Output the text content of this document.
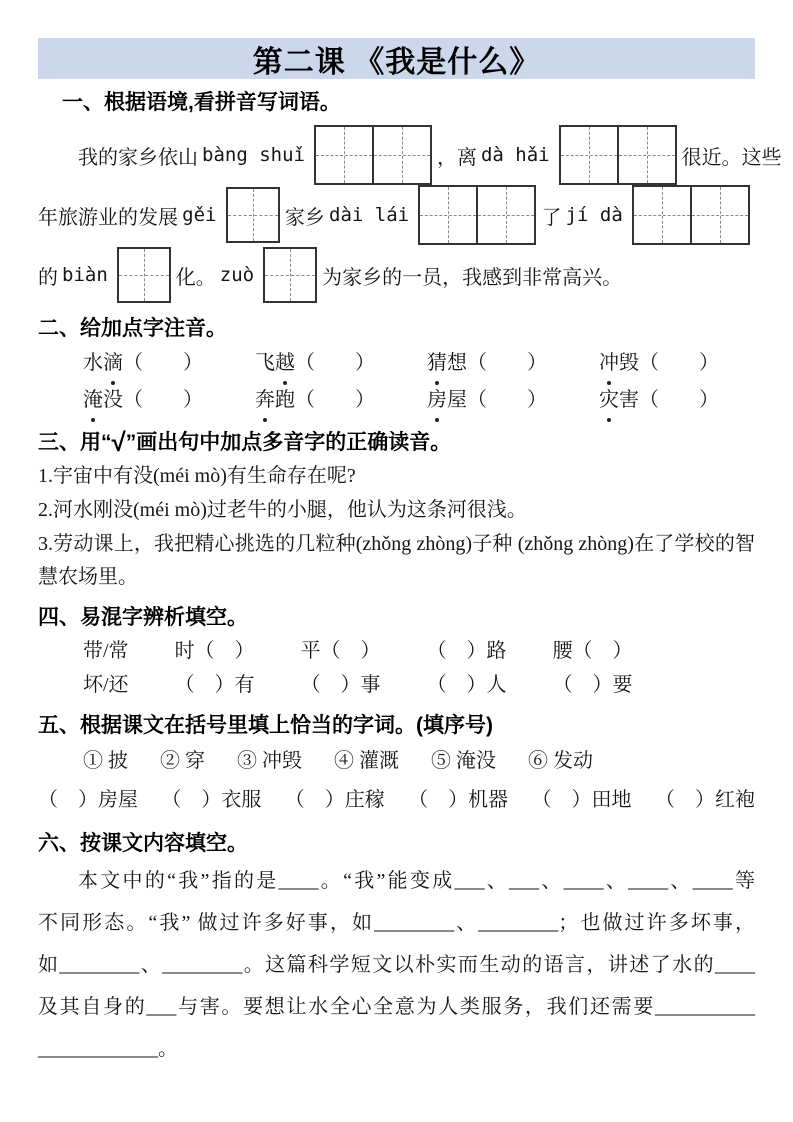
第二课 《我是什么》
一、根据语境,看拼音写词语。
我的家乡依山 bàng shuǐ	，离 dà hǎi	很近。这些
年旅游业的发展 gěi	家乡 dài lái	了 jí dà
的 biàn	化。 zuò	为家乡的一员，我感到非常高兴。
二、给加点字注音。
水滴（　　）	飞越（　　）	猜想（　　）	冲毁（　　）
淹没（　　）	奔跑（　　）	房屋（　　）	灾害（　　）
三、用“√”画出句中加点多音字的正确读音。
1.宇宙中有没(méi mò)有生命存在呢?
2.河水刚没(méi mò)过老牛的小腿，他认为这条河很浅。
3.劳动课上，我把精心挑选的几粒种(zhǒng zhòng)子种 (zhǒng zhòng)在了学校的智慧农场里。
四、易混字辨析填空。
带/常 时（　） 平（　） （　）路 腰（　）
坏/还 （　）有 （　）事 （　）人 （　）要
五、根据课文在括号里填上恰当的字词。(填序号)
① 披 ② 穿 ③ 冲毁 ④ 灌溉 ⑤ 淹没 ⑥ 发动
（　）房屋 （　）衣服 （　）庄稼 （　）机器 （　）田地 （　）红袍
六、按课文内容填空。
本文中的“我”指的是____。“我”能变成___、___、____、____、____等
不同形态。“我” 做过许多好事，如________、________；也做过许多坏事，
如________、________。这篇科学短文以朴实而生动的语言，讲述了水的____
及其自身的___与害。要想让水全心全意为人类服务，我们还需要__________
____________。
